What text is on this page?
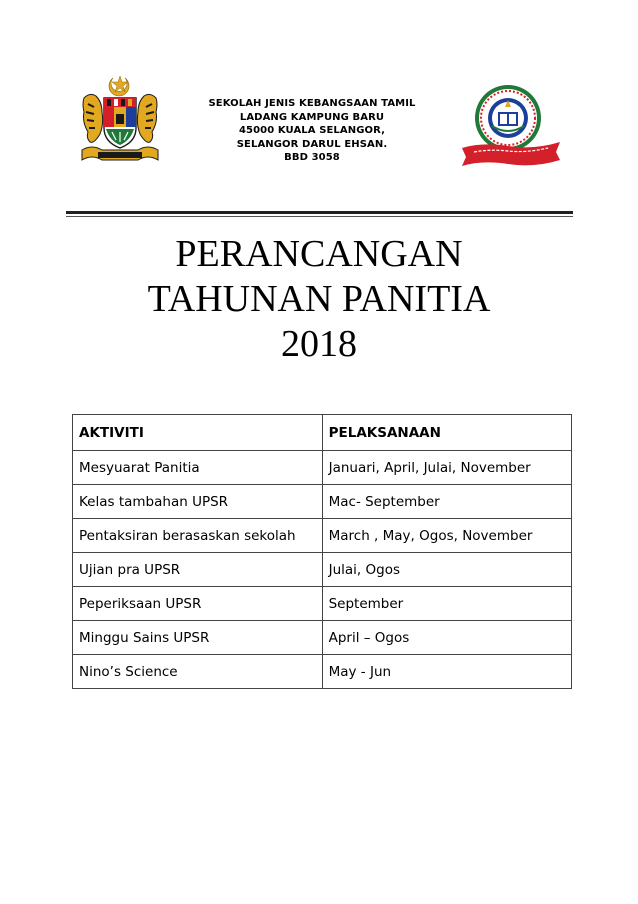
SEKOLAH JENIS KEBANGSAAN TAMIL
LADANG KAMPUNG BARU
45000 KUALA SELANGOR,
SELANGOR DARUL EHSAN.
BBD 3058
PERANCANGAN
TAHUNAN PANITIA
2018
AKTIVITI	PELAKSANAAN
Mesyuarat Panitia	Januari, April, Julai, November
Kelas tambahan UPSR	Mac- September
Pentaksiran berasaskan sekolah	March , May, Ogos, November
Ujian pra UPSR	Julai, Ogos
Peperiksaan UPSR	September
Minggu Sains UPSR	April – Ogos
Nino’s Science	May - Jun
